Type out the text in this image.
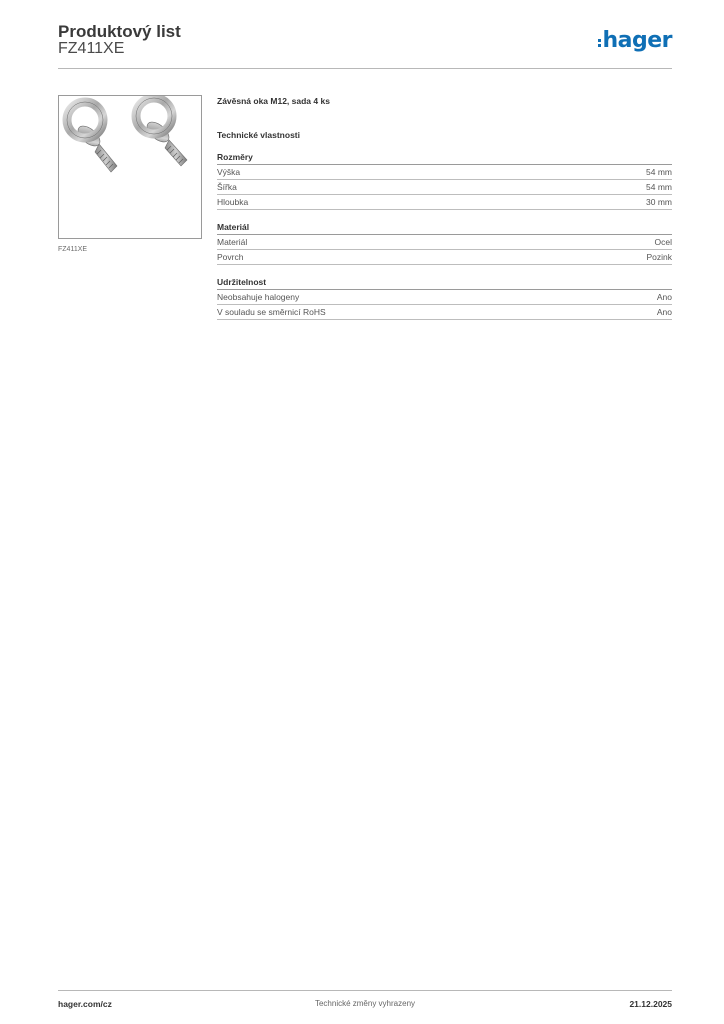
Produktový list
FZ411XE	hager
FZ411XE
Závěsná oka M12, sada 4 ks
Technické vlastnosti
Rozměry
Výška	54 mm
Šířka	54 mm
Hloubka	30 mm
Materiál
Materiál	Ocel
Povrch	Pozink
Udržitelnost
Neobsahuje halogeny	Ano
V souladu se směrnicí RoHS	Ano
hager.com/cz	Technické změny vyhrazeny	21.12.2025
